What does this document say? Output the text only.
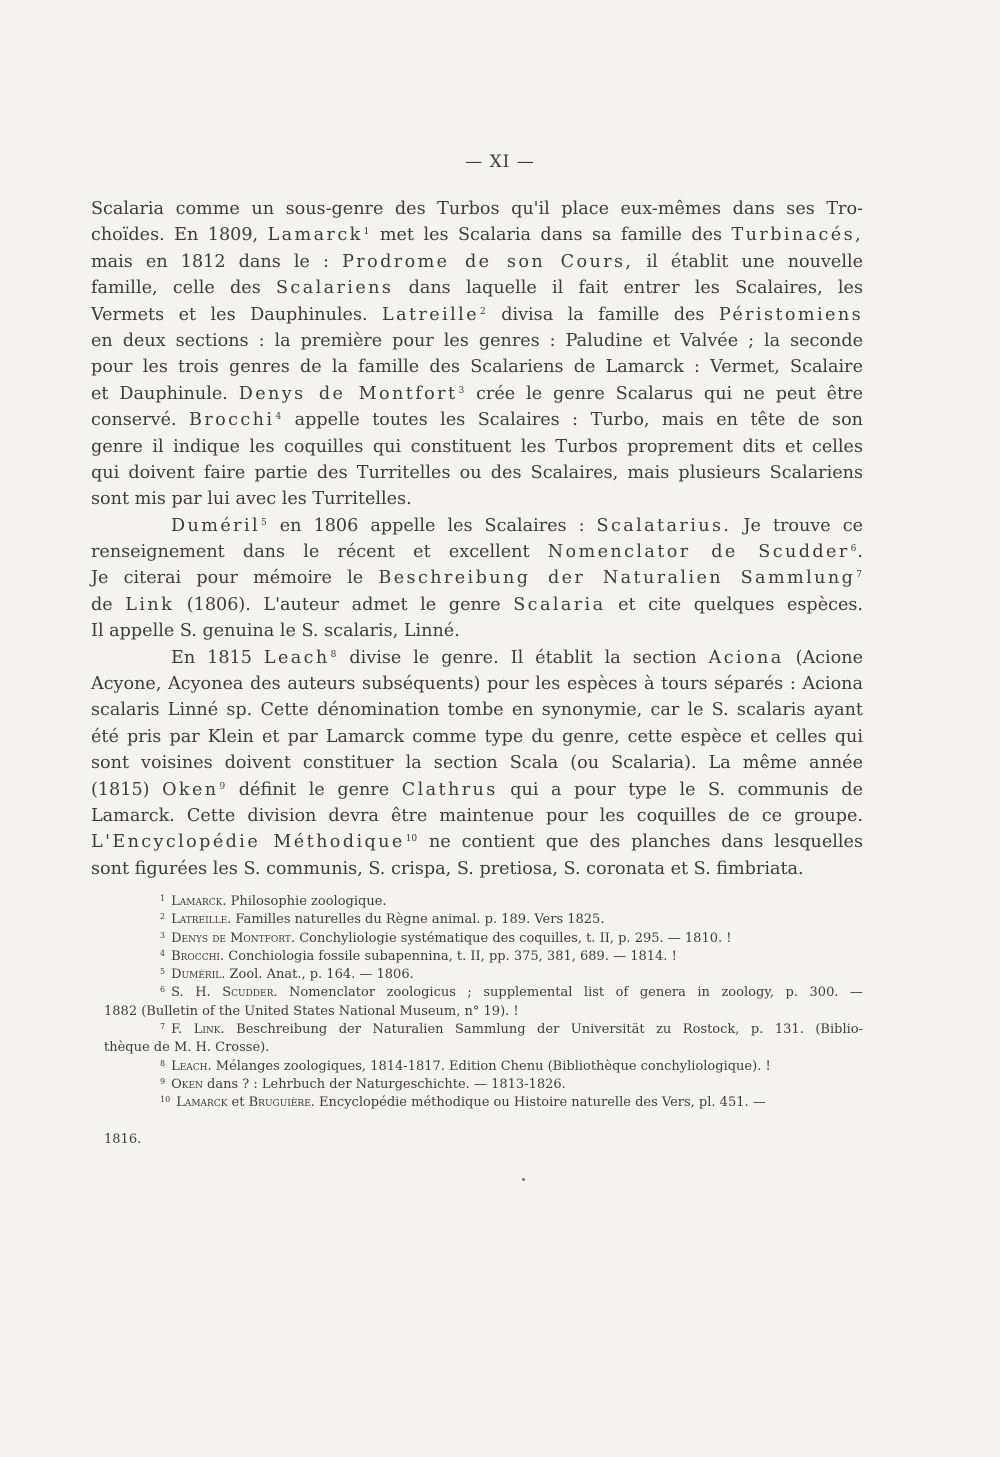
— XI —
Scalaria comme un sous-genre des Turbos qu'il place eux-mêmes dans ses Tro-
choïdes. En 1809, Lamarck$^1$ met les Scalaria dans sa famille des Turbinacés,
mais en 1812 dans le : Prodrome de son Cours, il établit une nouvelle
famille, celle des Scalariens dans laquelle il fait entrer les Scalaires, les
Vermets et les Dauphinules. Latreille$^2$ divisa la famille des Péristomiens
en deux sections : la première pour les genres : Paludine et Valvée ; la seconde
pour les trois genres de la famille des Scalariens de Lamarck : Vermet, Scalaire
et Dauphinule. Denys de Montfort$^3$ crée le genre Scalarus qui ne peut être
conservé. Brocchi$^4$ appelle toutes les Scalaires : Turbo, mais en tête de son
genre il indique les coquilles qui constituent les Turbos proprement dits et celles
qui doivent faire partie des Turritelles ou des Scalaires, mais plusieurs Scalariens
sont mis par lui avec les Turritelles.
Duméril$^5$ en 1806 appelle les Scalaires : Scalatarius. Je trouve ce
renseignement dans le récent et excellent Nomenclator de Scudder$^6$.
Je citerai pour mémoire le Beschreibung der Naturalien Sammlung$^7$
de Link (1806). L'auteur admet le genre Scalaria et cite quelques espèces.
Il appelle S. genuina le S. scalaris, Linné.
En 1815 Leach$^8$ divise le genre. Il établit la section Aciona (Acione
Acyone, Acyonea des auteurs subséquents) pour les espèces à tours séparés : Aciona
scalaris Linné sp. Cette dénomination tombe en synonymie, car le S. scalaris ayant
été pris par Klein et par Lamarck comme type du genre, cette espèce et celles qui
sont voisines doivent constituer la section Scala (ou Scalaria). La même année
(1815) Oken$^9$ définit le genre Clathrus qui a pour type le S. communis de
Lamarck. Cette division devra être maintenue pour les coquilles de ce groupe.
L'Encyclopédie Méthodique$^{10}$ ne contient que des planches dans lesquelles
sont figurées les S. communis, S. crispa, S. pretiosa, S. coronata et S. fimbriata.
$^1$ Lamarck. Philosophie zoologique.
$^2$ Latreille. Familles naturelles du Règne animal. p. 189. Vers 1825.
$^3$ Denys de Montfort. Conchyliologie systématique des coquilles, t. II, p. 295. — 1810. !
$^4$ Brocchi. Conchiologia fossile subapennina, t. II, pp. 375, 381, 689. — 1814. !
$^5$ Duméril. Zool. Anat., p. 164. — 1806.
$^6$ S. H. Scudder. Nomenclator zoologicus ; supplemental list of genera in zoology, p. 300. —
1882 (Bulletin of the United States National Museum, n° 19). !
$^7$ F. Link. Beschreibung der Naturalien Sammlung der Universität zu Rostock, p. 131. (Biblio-
thèque de M. H. Crosse).
$^8$ Leach. Mélanges zoologiques, 1814-1817. Edition Chenu (Bibliothèque conchyliologique). !
$^9$ Oken dans ? : Lehrbuch der Naturgeschichte. — 1813-1826.
$^{10}$ Lamarck et Bruguière. Encyclopédie méthodique ou Histoire naturelle des Vers, pl. 451. —
1816.
